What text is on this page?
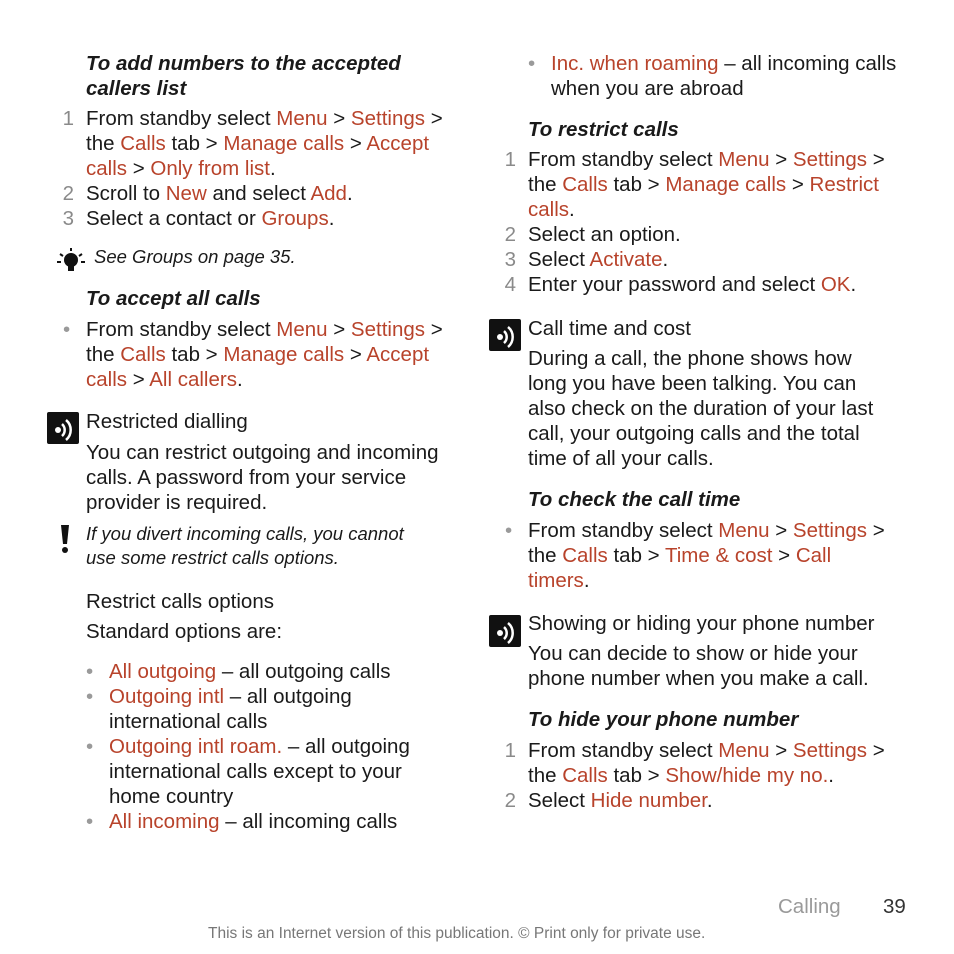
To add numbers to the accepted
callers list
1 From standby select Menu > Settings >
the Calls tab > Manage calls > Accept
calls > Only from list.
2 Scroll to New and select Add.
3 Select a contact or Groups.
See Groups on page 35.
To accept all calls
• From standby select Menu > Settings >
the Calls tab > Manage calls > Accept
calls > All callers.
Restricted dialling
You can restrict outgoing and incoming
calls. A password from your service
provider is required.
If you divert incoming calls, you cannot
use some restrict calls options.
Restrict calls options
Standard options are:
• All outgoing – all outgoing calls
• Outgoing intl – all outgoing
international calls
• Outgoing intl roam. – all outgoing
international calls except to your
home country
• All incoming – all incoming calls
• Inc. when roaming – all incoming calls
when you are abroad
To restrict calls
1 From standby select Menu > Settings >
the Calls tab > Manage calls > Restrict
calls.
2 Select an option.
3 Select Activate.
4 Enter your password and select OK.
Call time and cost
During a call, the phone shows how
long you have been talking. You can
also check on the duration of your last
call, your outgoing calls and the total
time of all your calls.
To check the call time
• From standby select Menu > Settings >
the Calls tab > Time & cost > Call
timers.
Showing or hiding your phone number
You can decide to show or hide your
phone number when you make a call.
To hide your phone number
1 From standby select Menu > Settings >
the Calls tab > Show/hide my no..
2 Select Hide number.
Calling 39
This is an Internet version of this publication. © Print only for private use.
